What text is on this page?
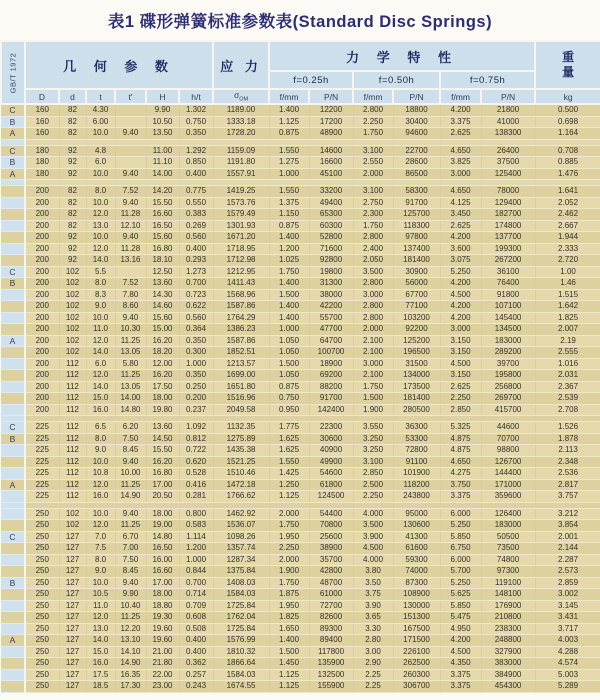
表1 碟形弹簧标准参数表(Standard Disc Springs)
GB/T 1972	几 何 参 数						应 力	力 学 特 性						重量
								f=0.25h		f=0.50h		f=0.75h		
	D	d	t	t'	H	h/t	$\sigma_{OM}$	f/mm	P/N	f/mm	P/N	f/mm	P/N	kg
C	160	82	4.30		9.90	1.302	1189.00	1.400	12200	2.800	18800	4.200	21800	0.500
B	160	82	6.00		10.50	0.750	1333.18	1.125	17200	2.250	30400	3.375	41000	0.698
A	160	82	10.0	9.40	13.50	0.350	1728.20	0.875	48900	1.750	94600	2.625	138300	1.164

C	180	92	4.8		11.00	1.292	1159.09	1.550	14600	3.100	22700	4.650	26400	0.708
B	180	92	6.0		11.10	0.850	1191.80	1.275	16600	2.550	28600	3.825	37500	0.885
A	180	92	10.0	9.40	14.00	0.400	1557.91	1.000	45100	2.000	86500	3.000	125400	1.476

	200	82	8.0	7.52	14.20	0.775	1419.25	1.550	33200	3.100	58300	4.650	78000	1.641
	200	82	10.0	9.40	15.50	0.550	1573.76	1.375	49400	2.750	91700	4.125	129400	2.052
	200	82	12.0	11.28	16.60	0.383	1579.49	1.150	65300	2.300	125700	3.450	182700	2.462
	200	82	13.0	12.10	16.50	0.269	1301.93	0.875	60300	1.750	118300	2.625	174800	2.667
	200	92	10.0	9.40	15.60	0.560	1671.20	1.400	52800	2.800	97800	4.200	137700	1.944
	200	92	12.0	11.28	16.80	0.400	1718.95	1.200	71600	2.400	137400	3.600	199300	2.333
	200	92	14.0	13.16	18.10	0.293	1712.98	1.025	92800	2.050	181400	3.075	267200	2.720
C	200	102	5.5		12.50	1.273	1212.95	1.750	19800	3.500	30900	5.250	36100	1.00
B	200	102	8.0	7.52	13.60	0.700	1411.43	1.400	31300	2.800	56000	4.200	76400	1.46
	200	102	8.3	7.80	14.30	0.723	1568.96	1.500	38000	3.000	67700	4.500	91800	1.515
	200	102	9.0	8.60	14.60	0.622	1587.86	1.400	42200	2.800	77100	4.200	107100	1.642
	200	102	10.0	9.40	15.60	0.560	1764.29	1.400	55700	2.800	103200	4.200	145400	1.825
	200	102	11.0	10.30	15.00	0.364	1386.23	1.000	47700	2.000	92200	3.000	134500	2.007
A	200	102	12.0	11.25	16.20	0.350	1587.86	1.050	64700	2.100	125200	3.150	183000	2.19
	200	102	14.0	13.05	18.20	0.300	1852.51	1.050	100700	2.100	196500	3.150	289200	2.555
	200	112	6.0	5.80	12.00	1.000	1213.57	1.500	18900	3.000	31500	4.500	39700	1.016
	200	112	12.0	11.25	16.20	0.350	1699.00	1.050	69200	2.100	134000	3.150	195800	2.031
	200	112	14.0	13.05	17.50	0.250	1651.80	0.875	88200	1.750	173500	2.625	256800	2.367
	200	112	15.0	14.00	18.00	0.200	1516.96	0.750	91700	1.500	181400	2.250	269700	2.539
	200	112	16.0	14.80	19.80	0.237	2049.58	0.950	142400	1.900	280500	2.850	415700	2.708

C	225	112	6.5	6.20	13.60	1.092	1132.35	1.775	22300	3.550	36300	5.325	44600	1.526
B	225	112	8.0	7.50	14.50	0.812	1275.89	1.625	30600	3.250	53300	4.875	70700	1.878
	225	112	9.0	8.45	15.50	0.722	1435.38	1.625	40900	3.250	72800	4.875	98800	2.113
	225	112	10.0	9.40	16.20	0.620	1521.25	1.550	49900	3.100	91100	4.650	126700	2.348
	225	112	10.8	10.00	16.80	0.528	1510.46	1.425	54600	2.850	101900	4.275	144400	2.536
A	225	112	12.0	11.25	17.00	0.416	1472.18	1.250	61800	2.500	118200	3.750	171000	2.817
	225	112	16.0	14.90	20.50	0.281	1766.62	1.125	124500	2.250	243800	3.375	359600	3.757

	250	102	10.0	9.40	18.00	0.800	1462.92	2.000	54400	4.000	95000	6.000	126400	3.212
	250	102	12.0	11.25	19.00	0.583	1536.07	1.750	70800	3.500	130600	5.250	183000	3.854
C	250	127	7.0	6.70	14.80	1.114	1098.26	1.950	25600	3.900	41300	5.850	50500	2.001
	250	127	7.5	7.00	16.50	1.200	1357.74	2.250	38900	4.500	61600	6.750	73500	2.144
	250	127	8.0	7.50	16.00	1.000	1287.34	2.000	35700	4.000	59300	6.000	74800	2.287
	250	127	9.0	8.45	16.60	0.844	1375.84	1.900	42800	3.80	74000	5.700	97300	2.573
B	250	127	10.0	9.40	17.00	0.700	1408.03	1.750	48700	3.50	87300	5.250	119100	2.859
	250	127	10.5	9.90	18.00	0.714	1584.03	1.875	61000	3.75	108900	5.625	148100	3.002
	250	127	11.0	10.40	18.80	0.709	1725.84	1.950	72700	3.90	130000	5.850	176900	3.145
	250	127	12.0	11.25	19.30	0.608	1762.04	1.825	82600	3.65	151300	5.475	210800	3.431
	250	127	13.0	12.20	19.60	0.508	1725.84	1.650	89300	3.30	167500	4.950	238300	3.717
A	250	127	14.0	13.10	19.60	0.400	1576.99	1.400	89400	2.80	171500	4.200	248800	4.003
	250	127	15.0	14.10	21.00	0.400	1810.32	1.500	117800	3.00	226100	4.500	327900	4.288
	250	127	16.0	14.90	21.80	0.362	1866.64	1.450	135900	2.90	262500	4.350	383000	4.574
	250	127	17.5	16.35	22.00	0.257	1584.03	1.125	132500	2.25	260300	3.375	384900	5.003
	250	127	18.5	17.30	23.00	0.243	1674.55	1.125	155900	2.25	306700	3.375	454300	5.289
